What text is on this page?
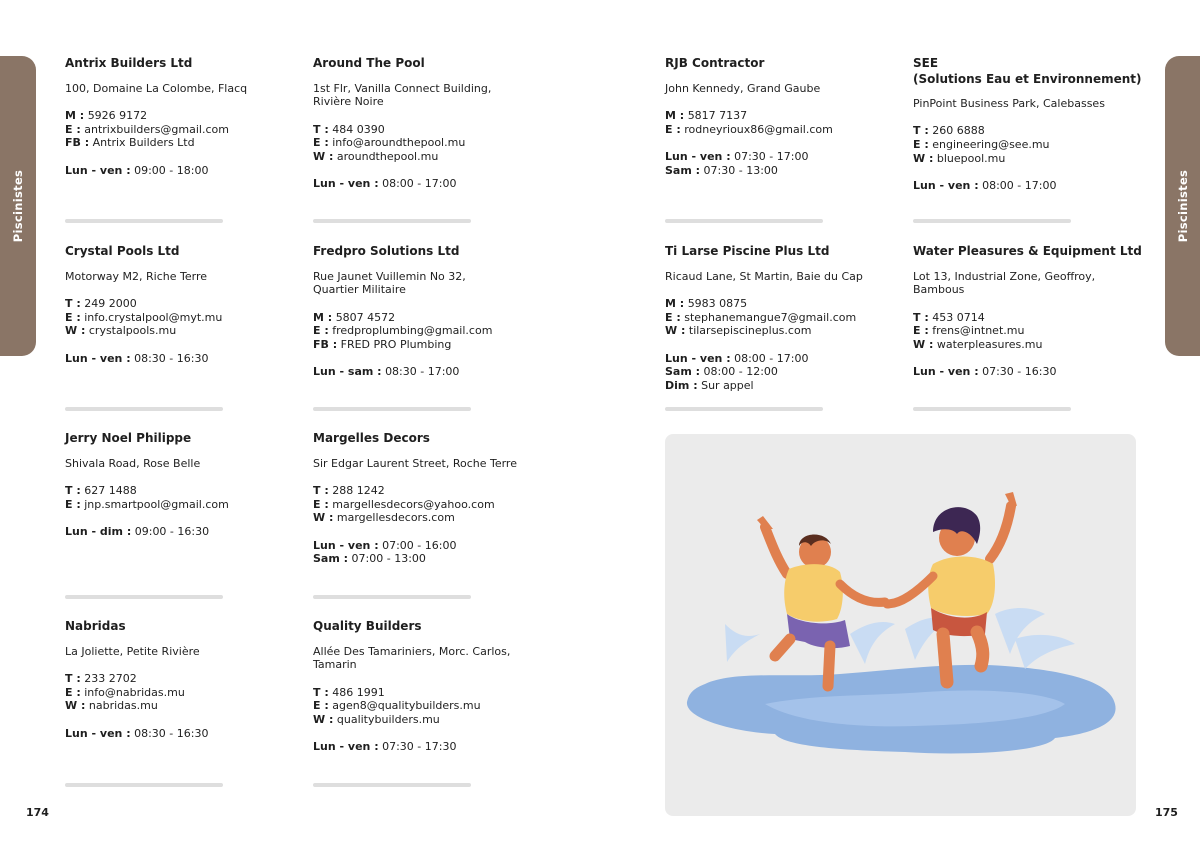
Piscinistes
174
Piscinistes
175
Antrix Builders Ltd
100, Domaine La Colombe, Flacq
M : 5926 9172
E : antrixbuilders@gmail.com
FB : Antrix Builders Ltd
Lun - ven : 09:00 - 18:00
Around The Pool
1st Flr, Vanilla Connect Building,
Rivière Noire
T : 484 0390
E : info@aroundthepool.mu
W : aroundthepool.mu
Lun - ven : 08:00 - 17:00
Crystal Pools Ltd
Motorway M2, Riche Terre
T : 249 2000
E : info.crystalpool@myt.mu
W : crystalpools.mu
Lun - ven : 08:30 - 16:30
Fredpro Solutions Ltd
Rue Jaunet Vuillemin No 32,
Quartier Militaire
M : 5807 4572
E : fredproplumbing@gmail.com
FB : FRED PRO Plumbing
Lun - sam : 08:30 - 17:00
Jerry Noel Philippe
Shivala Road, Rose Belle
T : 627 1488
E : jnp.smartpool@gmail.com
Lun - dim : 09:00 - 16:30
Margelles Decors
Sir Edgar Laurent Street, Roche Terre
T : 288 1242
E : margellesdecors@yahoo.com
W : margellesdecors.com
Lun - ven : 07:00 - 16:00
Sam : 07:00 - 13:00
Nabridas
La Joliette, Petite Rivière
T : 233 2702
E : info@nabridas.mu
W : nabridas.mu
Lun - ven : 08:30 - 16:30
Quality Builders
Allée Des Tamariniers, Morc. Carlos,
Tamarin
T : 486 1991
E : agen8@qualitybuilders.mu
W : qualitybuilders.mu
Lun - ven : 07:30 - 17:30
RJB Contractor
John Kennedy, Grand Gaube
M : 5817 7137
E : rodneyrioux86@gmail.com
Lun - ven : 07:30 - 17:00
Sam : 07:30 - 13:00
SEE
(Solutions Eau et Environnement)
PinPoint Business Park, Calebasses
T : 260 6888
E : engineering@see.mu
W : bluepool.mu
Lun - ven : 08:00 - 17:00
Ti Larse Piscine Plus Ltd
Ricaud Lane, St Martin, Baie du Cap
M : 5983 0875
E : stephanemangue7@gmail.com
W : tilarsepiscineplus.com
Lun - ven : 08:00 - 17:00
Sam : 08:00 - 12:00
Dim : Sur appel
Water Pleasures & Equipment Ltd
Lot 13, Industrial Zone, Geoffroy,
Bambous
T : 453 0714
E : frens@intnet.mu
W : waterpleasures.mu
Lun - ven : 07:30 - 16:30
